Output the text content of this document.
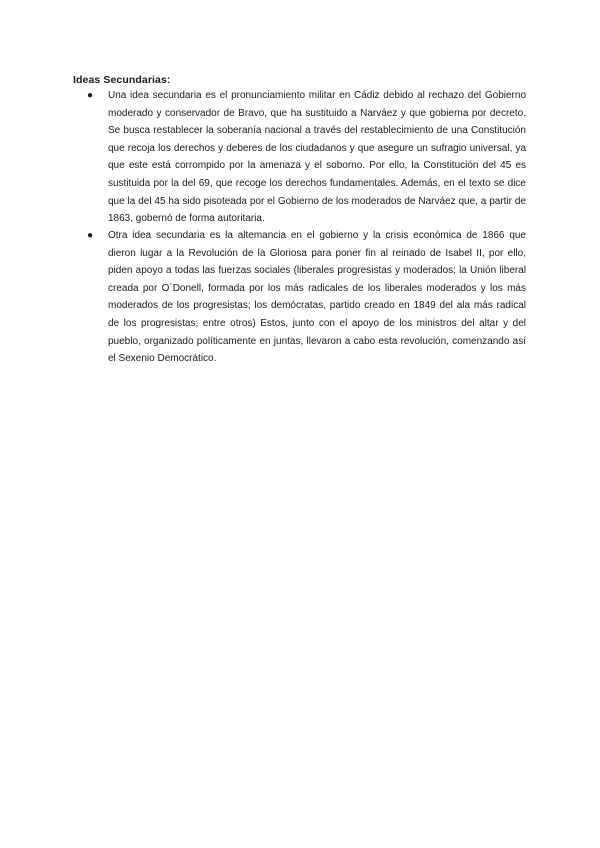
Ideas Secundarias:
● Una idea secundaria es el pronunciamiento militar en Cádiz debido al rechazo del Gobierno moderado y conservador de Bravo, que ha sustituido a Narváez y que gobierna por decreto. Se busca restablecer la soberanía nacional a través del restablecimiento de una Constitución que recoja los derechos y deberes de los ciudadanos y que asegure un sufragio universal, ya que este está corrompido por la amenaza y el soborno. Por ello, la Constitución del 45 es sustituida por la del 69, que recoge los derechos fundamentales. Además, en el texto se dice que la del 45 ha sido pisoteada por el Gobierno de los moderados de Narváez que, a partir de 1863, gobernó de forma autoritaria.
● Otra idea secundaria es la altemancia en el gobierno y la crisis económica de 1866 que dieron lugar a la Revolución de la Gloriosa para poner fin al reinado de Isabel II, por ello, piden apoyo a todas las fuerzas sociales (liberales progresistas y moderados; la Unión liberal creada por O´Donell, formada por los más radicales de los liberales moderados y los más moderados de los progresistas; los demócratas, partido creado en 1849 del ala más radical de los progresistas; entre otros) Estos, junto con el apoyo de los ministros del altar y del pueblo, organizado políticamente en juntas, llevaron a cabo esta revolución, comenzando así el Sexenio Democrático.
